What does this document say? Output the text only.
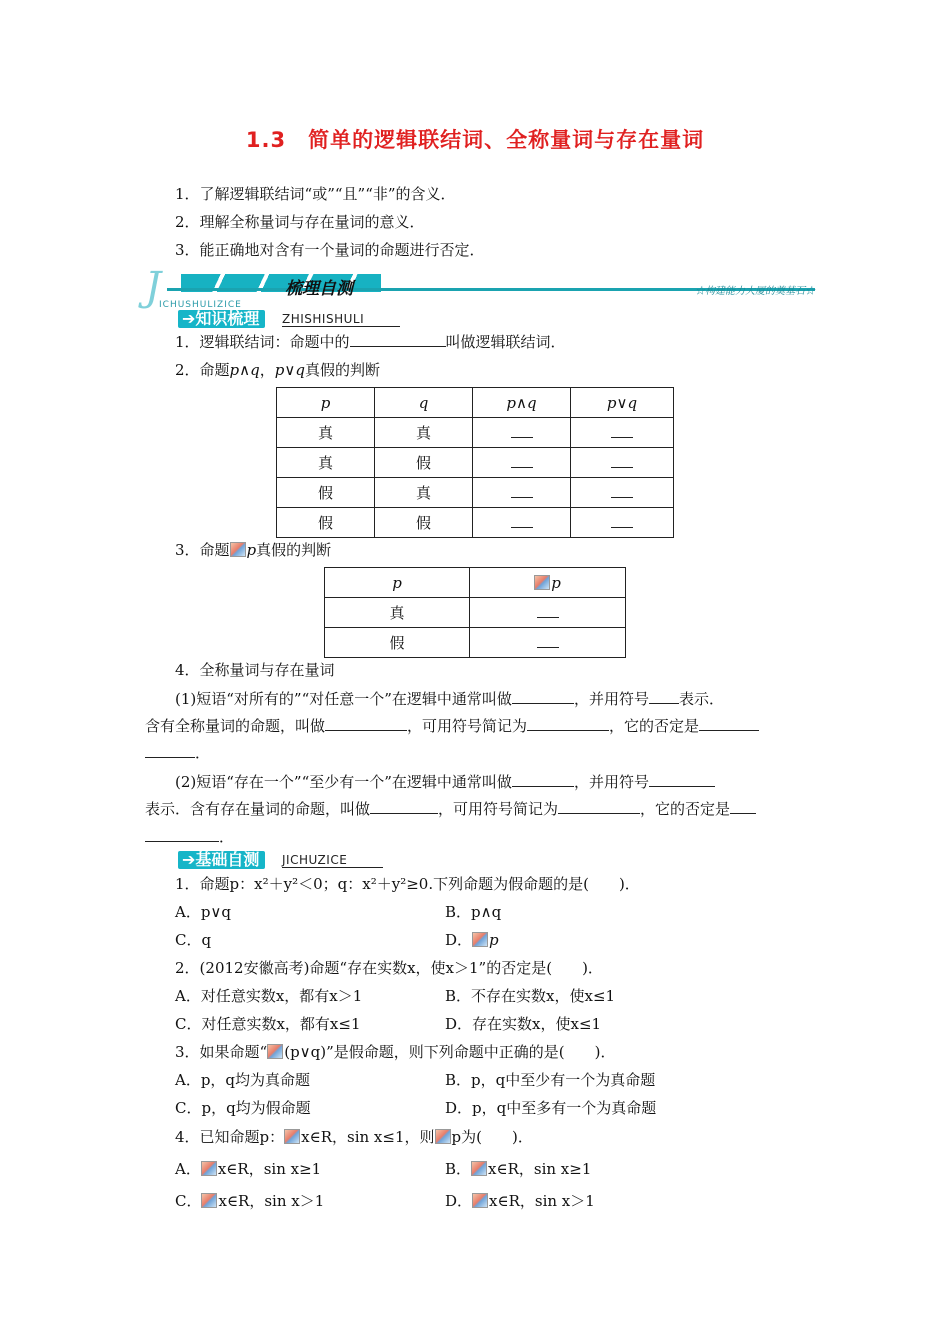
1.3　简单的逻辑联结词、全称量词与存在量词
1．了解逻辑联结词“或”“且”“非”的含义．
2．理解全称量词与存在量词的意义．
3．能正确地对含有一个量词的命题进行否定．
J
ICHUSHULIZICE
梳理自测	☆构建能力大厦的奠基石☆
➔知识梳理	ZHISHISHULI
1．逻辑联结词：命题中的	叫做逻辑联结词．
2．命题p∧q，p∨q真假的判断
p	q	p∧q	p∨q
真	真		
真	假		
假	真		
假	假		
3．命题 p真假的判断
p	p
真	
假	
4．全称量词与存在量词
(1)短语“对所有的”“对任意一个”在逻辑中通常叫做	，并用符号 表示．
含有全称量词的命题，叫做	，可用符号简记为	，它的否定是
．
(2)短语“存在一个”“至少有一个”在逻辑中通常叫做	，并用符号
表示．含有存在量词的命题，叫做	，可用符号简记为	，它的否定是
．
➔基础自测	JICHUZICE
1．命题p：x²＋y²＜0；q：x²＋y²≥0.下列命题为假命题的是(　　)．
A．p∨q	B．p∧q
C．q	D． p
2．(2012安徽高考)命题“存在实数x，使x＞1”的否定是(　　)．
A．对任意实数x，都有x＞1	B．不存在实数x，使x≤1
C．对任意实数x，都有x≤1	D．存在实数x，使x≤1
3．如果命题“ (p∨q)”是假命题，则下列命题中正确的是(　　)．
A．p，q均为真命题	B．p，q中至少有一个为真命题
C．p，q均为假命题	D．p，q中至多有一个为真命题
4．已知命题p： x∈R，sin x≤1，则 p为(　　)．
A． x∈R，sin x≥1	B． x∈R，sin x≥1
C． x∈R，sin x＞1	D． x∈R，sin x＞1
